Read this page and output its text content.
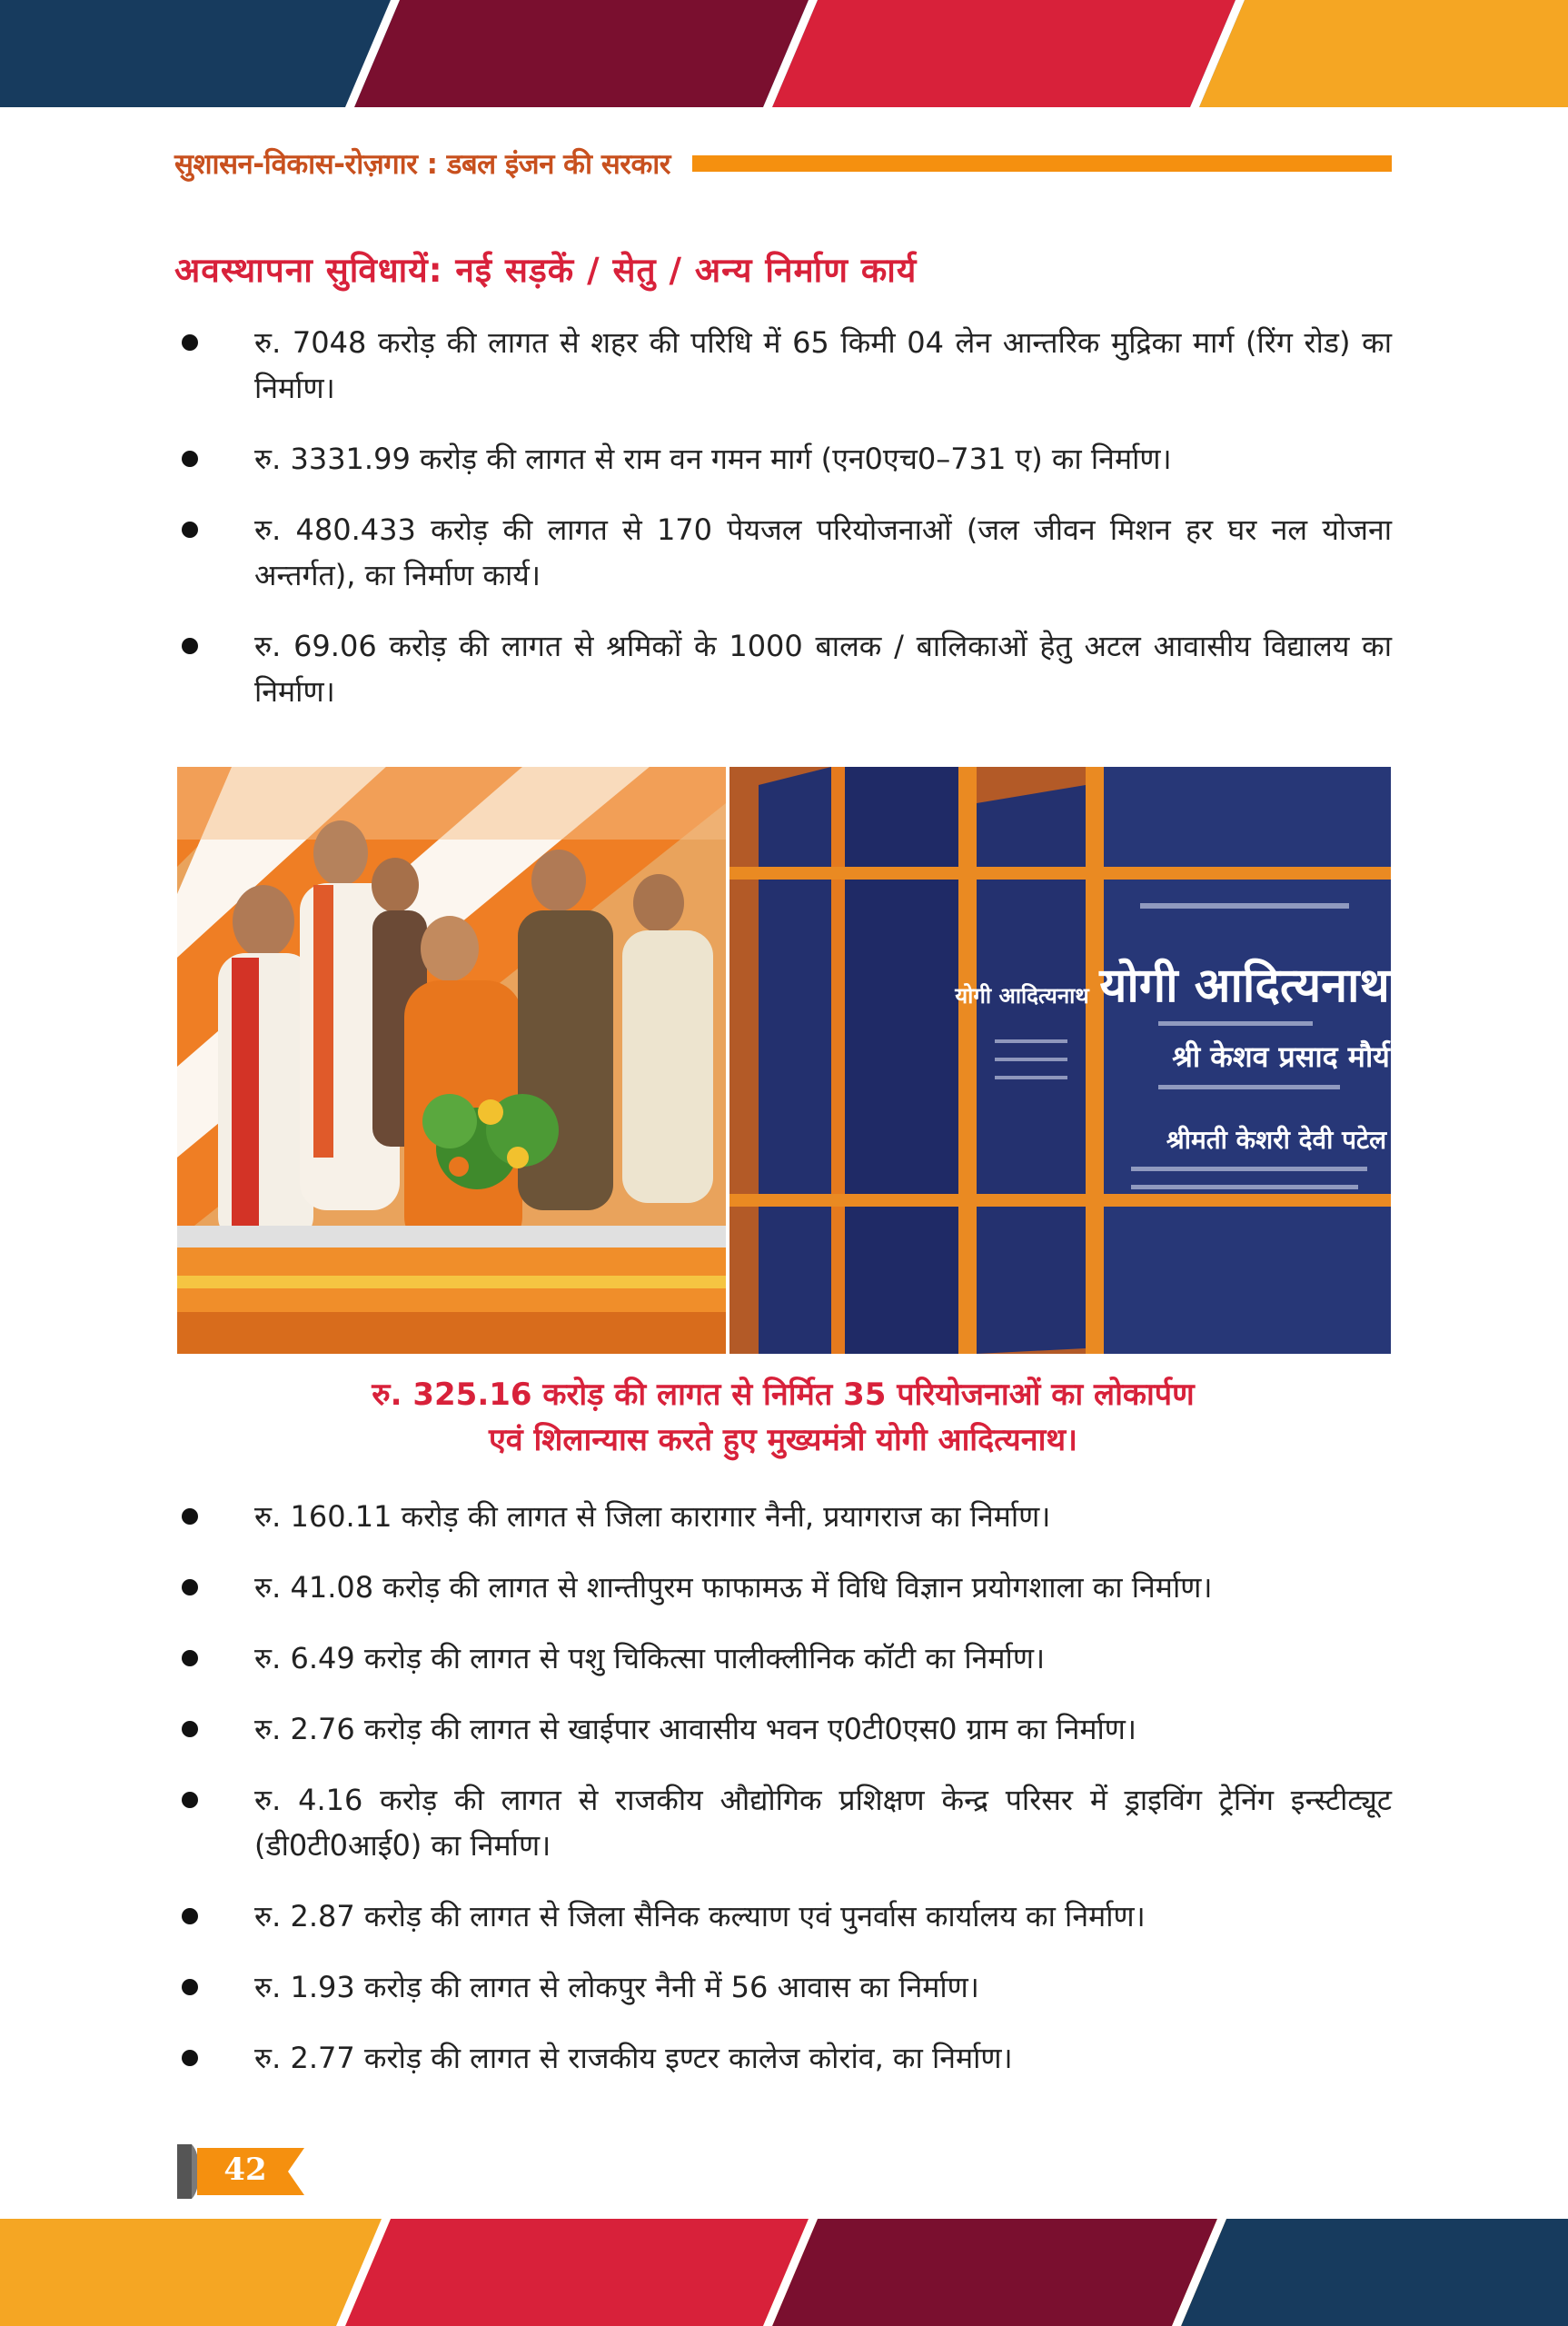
सुशासन-विकास-रोज़गार : डबल इंजन की सरकार
अवस्थापना सुविधायें: नई सड़कें / सेतु / अन्य निर्माण कार्य
रु. 7048 करोड़ की लागत से शहर की परिधि में 65 किमी 04 लेन आन्तरिक मुद्रिका मार्ग (रिंग रोड) का निर्माण।
रु. 3331.99 करोड़ की लागत से राम वन गमन मार्ग (एन0एच0–731 ए) का निर्माण।
रु. 480.433 करोड़ की लागत से 170 पेयजल परियोजनाओं (जल जीवन मिशन हर घर नल योजना अन्तर्गत), का निर्माण कार्य।
रु. 69.06 करोड़ की लागत से श्रमिकों के 1000 बालक / बालिकाओं हेतु अटल आवासीय विद्यालय का निर्माण।
योगी आदित्यनाथ
श्री केशव प्रसाद मौर्य
श्रीमती केशरी देवी पटेल
योगी आदित्यनाथ
रु. 325.16 करोड़ की लागत से निर्मित 35 परियोजनाओं का लोकार्पण
एवं शिलान्यास करते हुए मुख्यमंत्री योगी आदित्यनाथ।
रु. 160.11 करोड़ की लागत से जिला कारागार नैनी, प्रयागराज का निर्माण।
रु. 41.08 करोड़ की लागत से शान्तीपुरम फाफामऊ में विधि विज्ञान प्रयोगशाला का निर्माण।
रु. 6.49 करोड़ की लागत से पशु चिकित्सा पालीक्लीनिक कॉटी का निर्माण।
रु. 2.76 करोड़ की लागत से खाईपार आवासीय भवन ए0टी0एस0 ग्राम का निर्माण।
रु. 4.16 करोड़ की लागत से राजकीय औद्योगिक प्रशिक्षण केन्द्र परिसर में ड्राइविंग ट्रेनिंग इन्स्टीट्यूट (डी0टी0आई0) का निर्माण।
रु. 2.87 करोड़ की लागत से जिला सैनिक कल्याण एवं पुनर्वास कार्यालय का निर्माण।
रु. 1.93 करोड़ की लागत से लोकपुर नैनी में 56 आवास का निर्माण।
रु. 2.77 करोड़ की लागत से राजकीय इण्टर कालेज कोरांव, का निर्माण।
42
